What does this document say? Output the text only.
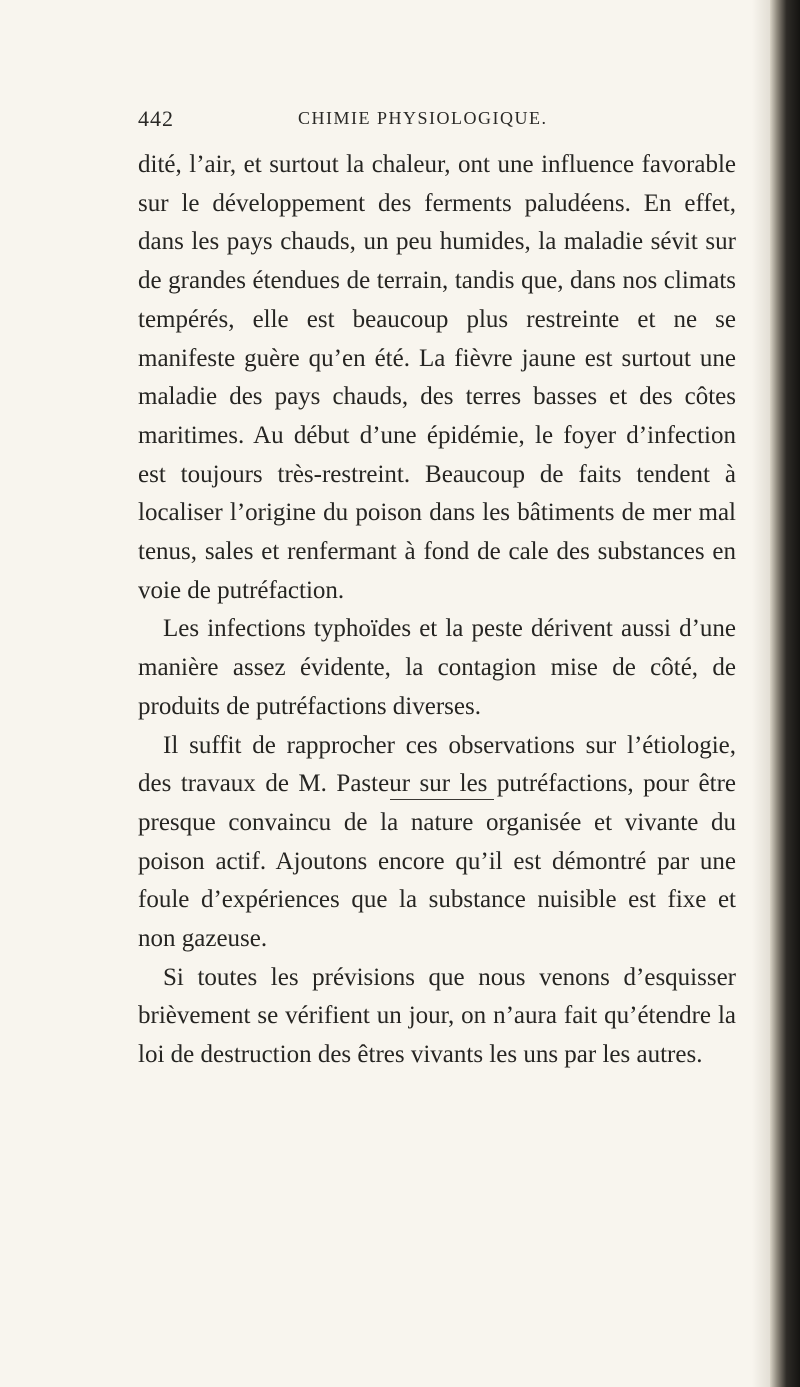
442	CHIMIE PHYSIOLOGIQUE.

dité, l’air, et surtout la chaleur, ont une influence favorable sur le développement des ferments paludéens. En effet, dans les pays chauds, un peu humides, la maladie sévit sur de grandes étendues de terrain, tandis que, dans nos climats tempérés, elle est beaucoup plus restreinte et ne se manifeste guère qu’en été. La fièvre jaune est surtout une maladie des pays chauds, des terres basses et des côtes maritimes. Au début d’une épidémie, le foyer d’infection est toujours très-restreint. Beaucoup de faits tendent à localiser l’origine du poison dans les bâtiments de mer mal tenus, sales et renfermant à fond de cale des substances en voie de putréfaction.

Les infections typhoïdes et la peste dérivent aussi d’une manière assez évidente, la contagion mise de côté, de produits de putréfactions diverses.

Il suffit de rapprocher ces observations sur l’étiologie, des travaux de M. Pasteur sur les putréfactions, pour être presque convaincu de la nature organisée et vivante du poison actif. Ajoutons encore qu’il est démontré par une foule d’expériences que la substance nuisible est fixe et non gazeuse.

Si toutes les prévisions que nous venons d’esquisser brièvement se vérifient un jour, on n’aura fait qu’étendre la loi de destruction des êtres vivants les uns par les autres.
